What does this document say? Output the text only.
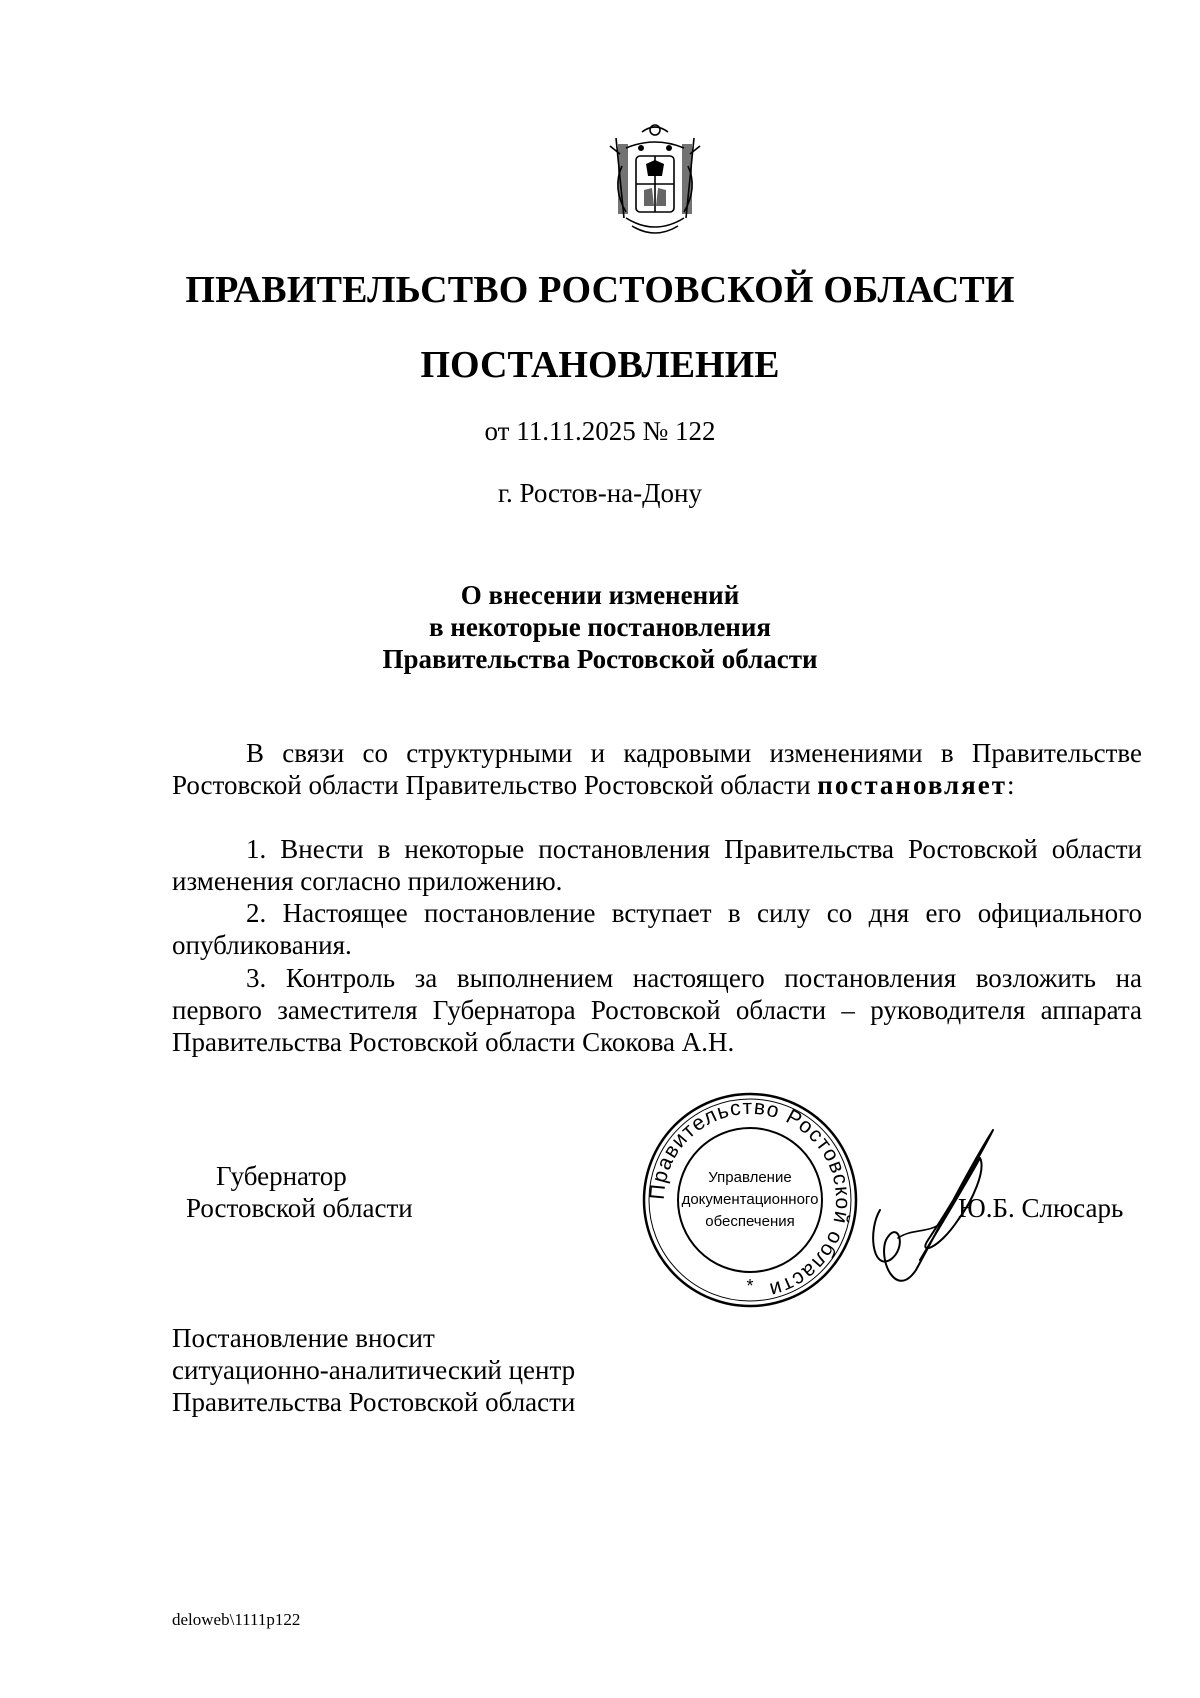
ПРАВИТЕЛЬСТВО РОСТОВСКОЙ ОБЛАСТИ
ПОСТАНОВЛЕНИЕ
от 11.11.2025 № 122
г. Ростов-на-Дону
О внесении изменений
в некоторые постановления
Правительства Ростовской области
В связи со структурными и кадровыми изменениями в Правительстве Ростовской области Правительство Ростовской области постановляет:
1. Внести в некоторые постановления Правительства Ростовской области изменения согласно приложению.
2. Настоящее постановление вступает в силу со дня его официального опубликования.
3. Контроль за выполнением настоящего постановления возложить на первого заместителя Губернатора Ростовской области – руководителя аппарата Правительства Ростовской области Скокова А.Н.
Губернатор
Ростовской области
Правительство Ростовской области
Управление
документационного
обеспечения
*
Ю.Б. Слюсарь
Постановление вносит
ситуационно-аналитический центр
Правительства Ростовской области
deloweb\1111p122
